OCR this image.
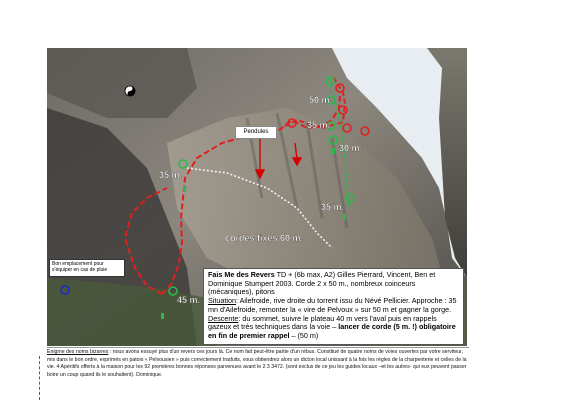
50 m.
35 m.
30 m.
35 m.
35 m.
45 m.
cordes fixes 60 m.
Pendules
Bon emplacement pour
s'équiper en cas de pluie	Fais Me des Revers TD + (6b max, A2) Gilles Pierrard, Vincent, Ben et Dominique Stumpert 2003. Corde 2 x 50 m., nombreux coinceurs (mécaniques), pitons
Situation: Ailefroide, rive droite du torrent issu du Névé Pellicier. Approche : 35 mn d'Ailefroide, remonter la « vire de Pelvoux » sur 50 m et gagner la gorge.
Descente: du sommet, suivre le plateau 40 m vers l'aval puis en rappels gazeux et très techniques dans la voie – lancer de corde (5 m. !) obligatoire en fin de premier rappel – (50 m)
Enigme des noms bizarres : nous avons essuyé plus d'un revers ces jours là. Ce nom fait peut-être partie d'un rébus. Constitué de quatre noms de voies ouvertes par votre serviteur, mis dans le bon ordre, exprimés en patois « Pelvousien » puis correctement traduits, vous obtiendrez alors un dicton local unissant à la fois les règles de la charpenterie et celles de la vie. 4 Apéritifs offerts à la maison pour les 92 premières bonnes réponses parvenues avant le 2 3 3472. (sont exclus de ce jeu les guides locaux –et les autres- qui eux peuvent passer boire un coup quand ils le souhaitent). Dominique.
